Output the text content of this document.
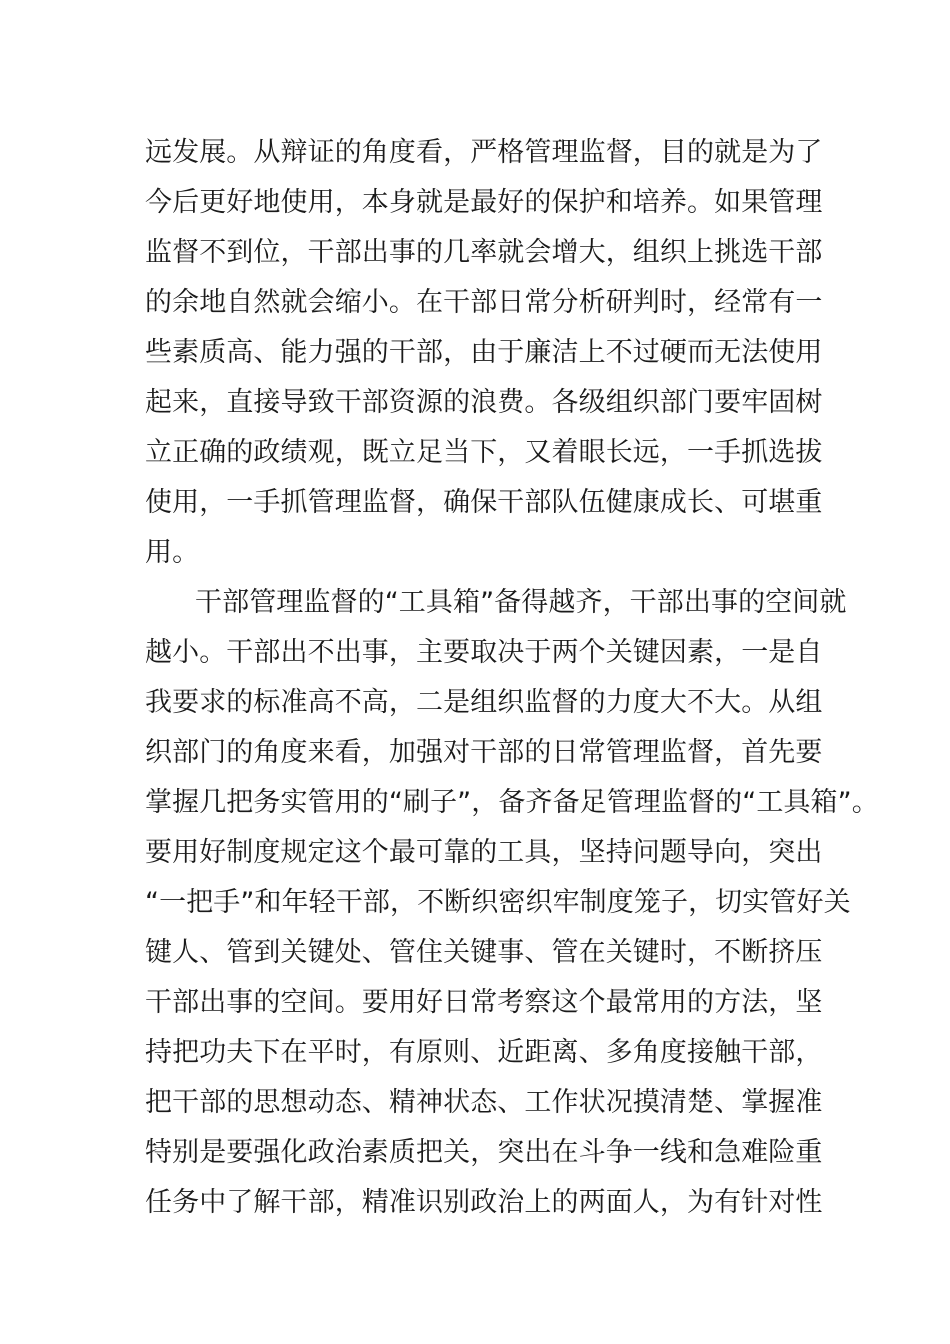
远发展。从辩证的角度看，严格管理监督，目的就是为了
今后更好地使用，本身就是最好的保护和培养。如果管理
监督不到位，干部出事的几率就会增大，组织上挑选干部
的余地自然就会缩小。在干部日常分析研判时，经常有一
些素质高、能力强的干部，由于廉洁上不过硬而无法使用
起来，直接导致干部资源的浪费。各级组织部门要牢固树
立正确的政绩观，既立足当下，又着眼长远，一手抓选拔
使用，一手抓管理监督，确保干部队伍健康成长、可堪重
用。
干部管理监督的“工具箱”备得越齐，干部出事的空间就
越小。干部出不出事，主要取决于两个关键因素，一是自
我要求的标准高不高，二是组织监督的力度大不大。从组
织部门的角度来看，加强对干部的日常管理监督，首先要
掌握几把务实管用的“刷子”，备齐备足管理监督的“工具箱”。
要用好制度规定这个最可靠的工具，坚持问题导向，突出
“一把手”和年轻干部，不断织密织牢制度笼子，切实管好关
键人、管到关键处、管住关键事、管在关键时，不断挤压
干部出事的空间。要用好日常考察这个最常用的方法，坚
持把功夫下在平时，有原则、近距离、多角度接触干部，
把干部的思想动态、精神状态、工作状况摸清楚、掌握准
特别是要强化政治素质把关，突出在斗争一线和急难险重
任务中了解干部，精准识别政治上的两面人，为有针对性
